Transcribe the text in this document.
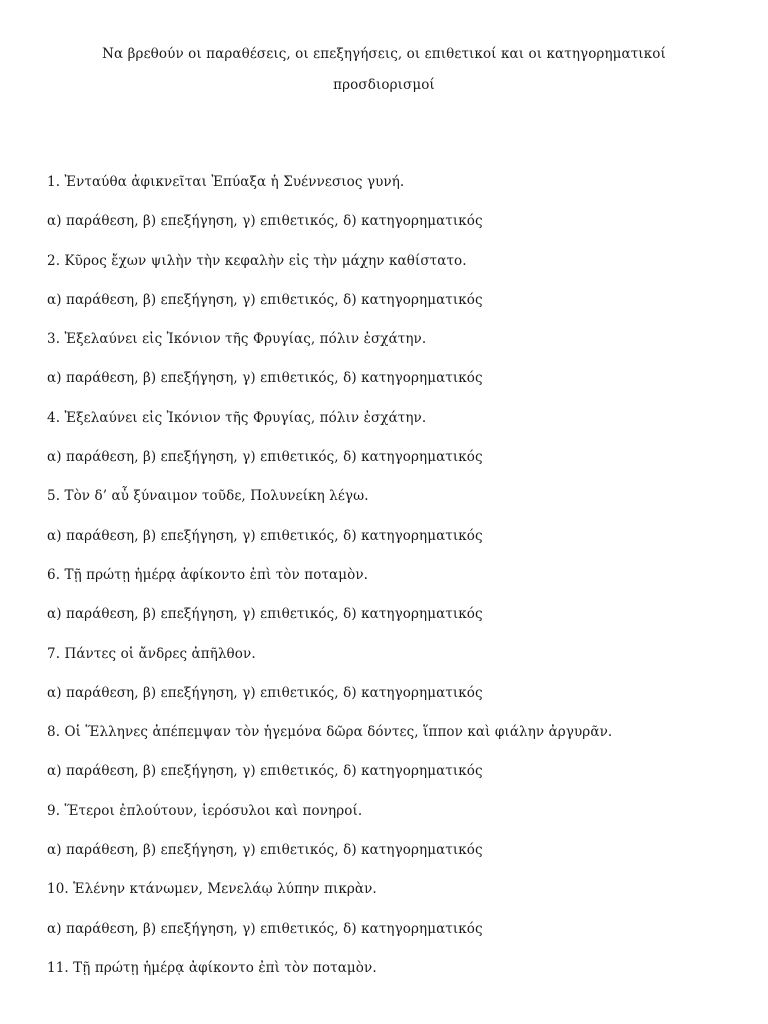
Να βρεθούν οι παραθέσεις, οι επεξηγήσεις, οι επιθετικοί και οι κατηγορηματικοί
προσδιορισμοί
1. Ἐνταύθα ἀφικνεῖται Ἐπύαξα ἡ Συέννεσιος γυνή.
α) παράθεση, β) επεξήγηση, γ) επιθετικός, δ) κατηγορηματικός
2. Κῦρος ἔχων ψιλὴν τὴν κεφαλὴν εἰς τὴν μάχην καθίστατο.
α) παράθεση, β) επεξήγηση, γ) επιθετικός, δ) κατηγορηματικός
3. Ἐξελαύνει εἰς Ἰκόνιον τῆς Φρυγίας, πόλιν ἐσχάτην.
α) παράθεση, β) επεξήγηση, γ) επιθετικός, δ) κατηγορηματικός
4. Ἐξελαύνει εἰς Ἰκόνιον τῆς Φρυγίας, πόλιν ἐσχάτην.
α) παράθεση, β) επεξήγηση, γ) επιθετικός, δ) κατηγορηματικός
5. Τὸν δ’ αὖ ξύναιμον τοῦδε, Πολυνείκη λέγω.
α) παράθεση, β) επεξήγηση, γ) επιθετικός, δ) κατηγορηματικός
6. Τῇ πρώτῃ ἡμέρᾳ ἀφίκοντο ἐπὶ τὸν ποταμὸν.
α) παράθεση, β) επεξήγηση, γ) επιθετικός, δ) κατηγορηματικός
7. Πάντες οἱ ἄνδρες ἀπῆλθον.
α) παράθεση, β) επεξήγηση, γ) επιθετικός, δ) κατηγορηματικός
8. Οἱ Ἕλληνες ἀπέπεμψαν τὸν ἡγεμόνα δῶρα δόντες, ἵππον καὶ φιάλην ἀργυρᾶν.
α) παράθεση, β) επεξήγηση, γ) επιθετικός, δ) κατηγορηματικός
9. Ἕτεροι ἐπλούτουν, ἱερόσυλοι καὶ πονηροί.
α) παράθεση, β) επεξήγηση, γ) επιθετικός, δ) κατηγορηματικός
10. Ἑλένην κτάνωμεν, Μενελάῳ λύπην πικρὰν.
α) παράθεση, β) επεξήγηση, γ) επιθετικός, δ) κατηγορηματικός
11. Τῇ πρώτῃ ἡμέρᾳ ἀφίκοντο ἐπὶ τὸν ποταμὸν.
